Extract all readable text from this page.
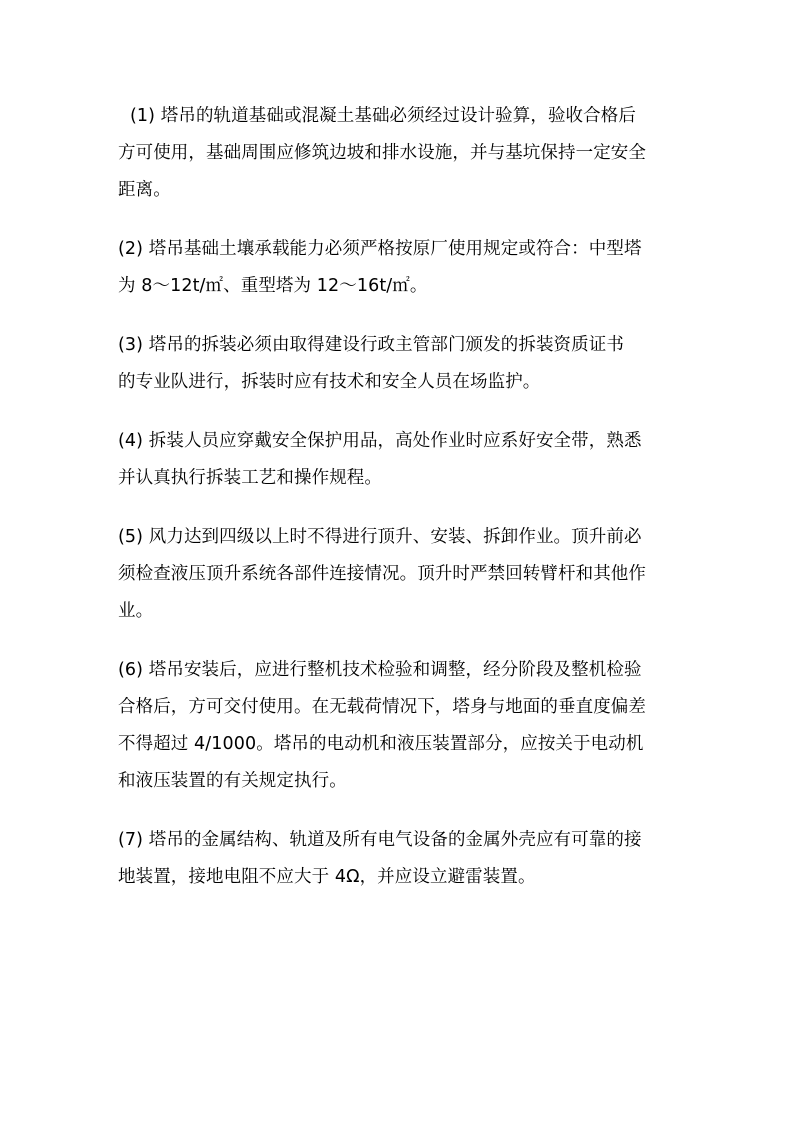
(1) 塔吊的轨道基础或混凝土基础必须经过设计验算，验收合格后
方可使用，基础周围应修筑边坡和排水设施，并与基坑保持一定安全
距离。
(2) 塔吊基础土壤承载能力必须严格按原厂使用规定或符合：中型塔
为 8～12t/㎡、重型塔为 12～16t/㎡。
(3) 塔吊的拆装必须由取得建设行政主管部门颁发的拆装资质证书
的专业队进行，拆装时应有技术和安全人员在场监护。
(4) 拆装人员应穿戴安全保护用品，高处作业时应系好安全带，熟悉
并认真执行拆装工艺和操作规程。
(5) 风力达到四级以上时不得进行顶升、安装、拆卸作业。顶升前必
须检查液压顶升系统各部件连接情况。顶升时严禁回转臂杆和其他作
业。
(6) 塔吊安装后，应进行整机技术检验和调整，经分阶段及整机检验
合格后，方可交付使用。在无载荷情况下，塔身与地面的垂直度偏差
不得超过 4/1000。塔吊的电动机和液压装置部分，应按关于电动机
和液压装置的有关规定执行。
(7) 塔吊的金属结构、轨道及所有电气设备的金属外壳应有可靠的接
地装置，接地电阻不应大于 4Ω，并应设立避雷装置。
